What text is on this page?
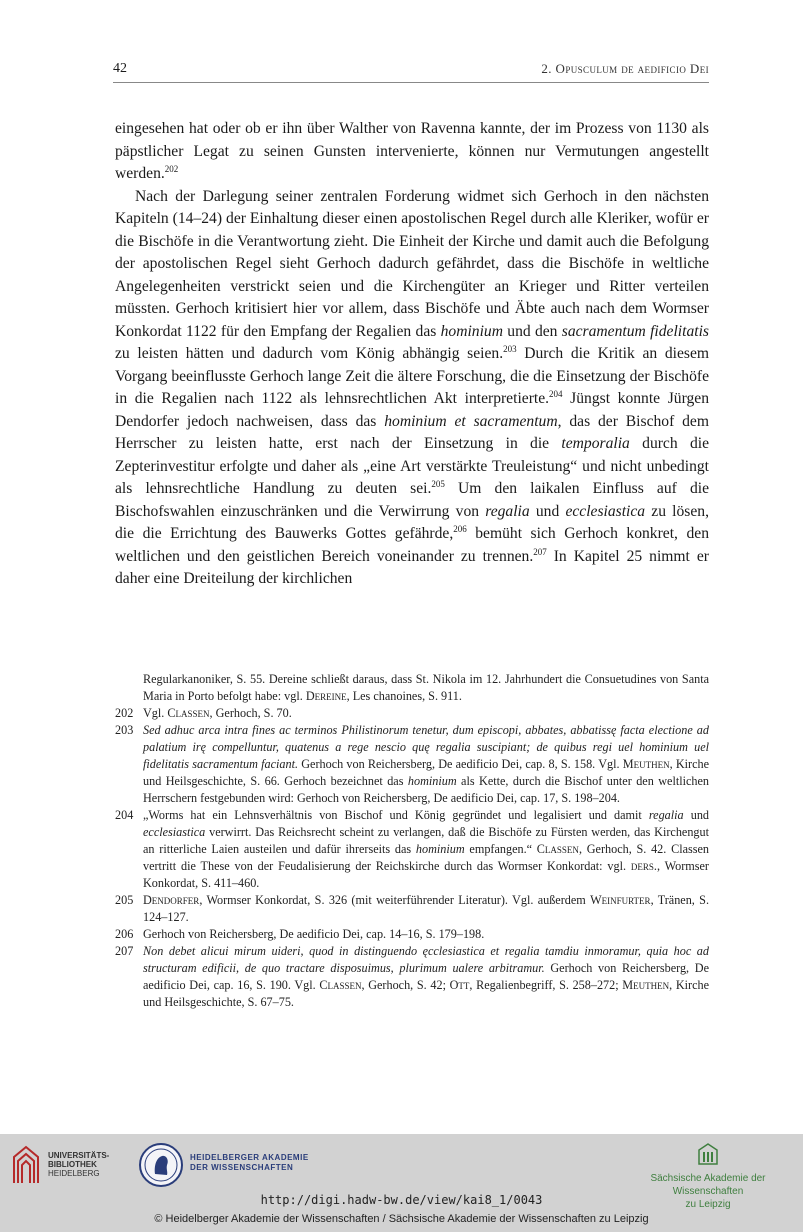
42	2. Opusculum de aedificio Dei

eingesehen hat oder ob er ihn über Walther von Ravenna kannte, der im Prozess von 1130 als päpstlicher Legat zu seinen Gunsten intervenierte, können nur Vermutungen angestellt werden.$^{202}$

Nach der Darlegung seiner zentralen Forderung widmet sich Gerhoch in den nächsten Kapiteln (14–24) der Einhaltung dieser einen apostolischen Regel durch alle Kleriker, wofür er die Bischöfe in die Verantwortung zieht. Die Einheit der Kirche und damit auch die Befolgung der apostolischen Regel sieht Gerhoch dadurch gefährdet, dass die Bischöfe in weltliche Angelegenheiten verstrickt seien und die Kirchengüter an Krieger und Ritter verteilen müssten. Gerhoch kritisiert hier vor allem, dass Bischöfe und Äbte auch nach dem Wormser Konkordat 1122 für den Empfang der Regalien das hominium und den sacramentum fidelitatis zu leisten hätten und dadurch vom König abhängig seien.$^{203}$ Durch die Kritik an diesem Vorgang beeinflusste Gerhoch lange Zeit die ältere Forschung, die die Einsetzung der Bischöfe in die Regalien nach 1122 als lehnsrechtlichen Akt interpretierte.$^{204}$ Jüngst konnte Jürgen Dendorfer jedoch nachweisen, dass das hominium et sacramentum, das der Bischof dem Herrscher zu leisten hatte, erst nach der Einsetzung in die temporalia durch die Zepterinvestitur erfolgte und daher als „eine Art verstärkte Treuleistung“ und nicht unbedingt als lehnsrechtliche Handlung zu deuten sei.$^{205}$ Um den laikalen Einfluss auf die Bischofswahlen einzuschränken und die Verwirrung von regalia und ecclesiastica zu lösen, die die Errichtung des Bauwerks Gottes gefährde,$^{206}$ bemüht sich Gerhoch konkret, den weltlichen und den geistlichen Bereich voneinander zu trennen.$^{207}$ In Kapitel 25 nimmt er daher eine Dreiteilung der kirchlichen

Regularkanoniker, S. 55. Dereine schließt daraus, dass St. Nikola im 12. Jahrhundert die Consuetudines von Santa Maria in Porto befolgt habe: vgl. Dereine, Les chanoines, S. 911.
202 Vgl. Classen, Gerhoch, S. 70.
203 Sed adhuc arca intra fines ac terminos Philistinorum tenetur, dum episcopi, abbates, abbatissę facta electione ad palatium irę compelluntur, quatenus a rege nescio quę regalia suscipiant; de quibus regi uel hominium uel fidelitatis sacramentum faciant. Gerhoch von Reichersberg, De aedificio Dei, cap. 8, S. 158. Vgl. Meuthen, Kirche und Heilsgeschichte, S. 66. Gerhoch bezeichnet das hominium als Kette, durch die Bischof unter den weltlichen Herrschern festgebunden wird: Gerhoch von Reichersberg, De aedificio Dei, cap. 17, S. 198–204.
204 „Worms hat ein Lehnsverhältnis von Bischof und König gegründet und legalisiert und damit regalia und ecclesiastica verwirrt. Das Reichsrecht scheint zu verlangen, daß die Bischöfe zu Fürsten werden, das Kirchengut an ritterliche Laien austeilen und dafür ihrerseits das hominium empfangen.“ Classen, Gerhoch, S. 42. Classen vertritt die These von der Feudalisierung der Reichskirche durch das Wormser Konkordat: vgl. ders., Wormser Konkordat, S. 411–460.
205 Dendorfer, Wormser Konkordat, S. 326 (mit weiterführender Literatur). Vgl. außerdem Weinfurter, Tränen, S. 124–127.
206 Gerhoch von Reichersberg, De aedificio Dei, cap. 14–16, S. 179–198.
207 Non debet alicui mirum uideri, quod in distinguendo ęcclesiastica et regalia tamdiu inmoramur, quia hoc ad structuram edificii, de quo tractare disposuimus, plurimum ualere arbitramur. Gerhoch von Reichersberg, De aedificio Dei, cap. 16, S. 190. Vgl. Classen, Gerhoch, S. 42; Ott, Regalienbegriff, S. 258–272; Meuthen, Kirche und Heilsgeschichte, S. 67–75.
UNIVERSITÄTS-
BIBLIOTHEK
HEIDELBERG
HEIDELBERGER AKADEMIE
DER WISSENSCHAFTEN
Sächsische Akademie der Wissenschaften
zu Leipzig
http://digi.hadw-bw.de/view/kai8_1/0043
© Heidelberger Akademie der Wissenschaften / Sächsische Akademie der Wissenschaften zu Leipzig
